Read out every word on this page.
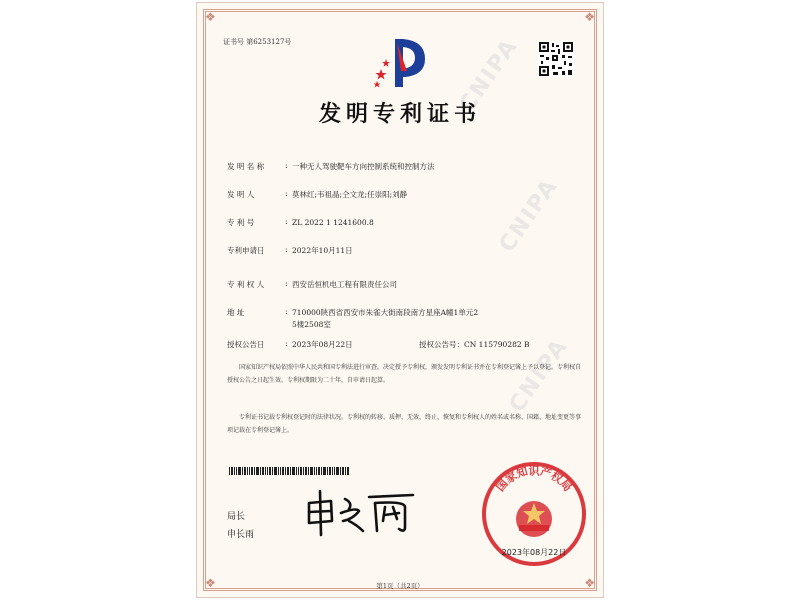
❖	❖
❖	❖
CNIPA
CNIPA
CNIPA
证书号 第6253127号
发明专利证书
发 明 名 称	: 一种无人驾驶靶车方向控制系统和控制方法
发 明 人	: 莫林红;韦祖晶;仝文龙;任崇阳;刘静
专 利 号	: ZL 2022 1 1241600.8
专利申请日	: 2022年10月11日
专 利 权 人	: 西安岳恒机电工程有限责任公司
地 址	: 710000陕西省西安市朱雀大街南段南方星座A幢1单元2
5楼2508室
授权公告日	: 2023年08月22日	授权公告号：CN 115790282 B
国家知识产权局依照中华人民共和国专利法进行审查，决定授予专利权，颁发发明专利证书并在专利登记簿上予以登记。专利权自授权公告之日起生效。专利权期限为二十年，自申请日起算。
专利证书记载专利权登记时的法律状况。专利权的转移、质押、无效、终止、恢复和专利权人的姓名或名称、国籍、地址变更等事项记载在专利登记簿上。
局长
申长雨
国家知识产权局
2023年08月22日
第1页（共2页）
